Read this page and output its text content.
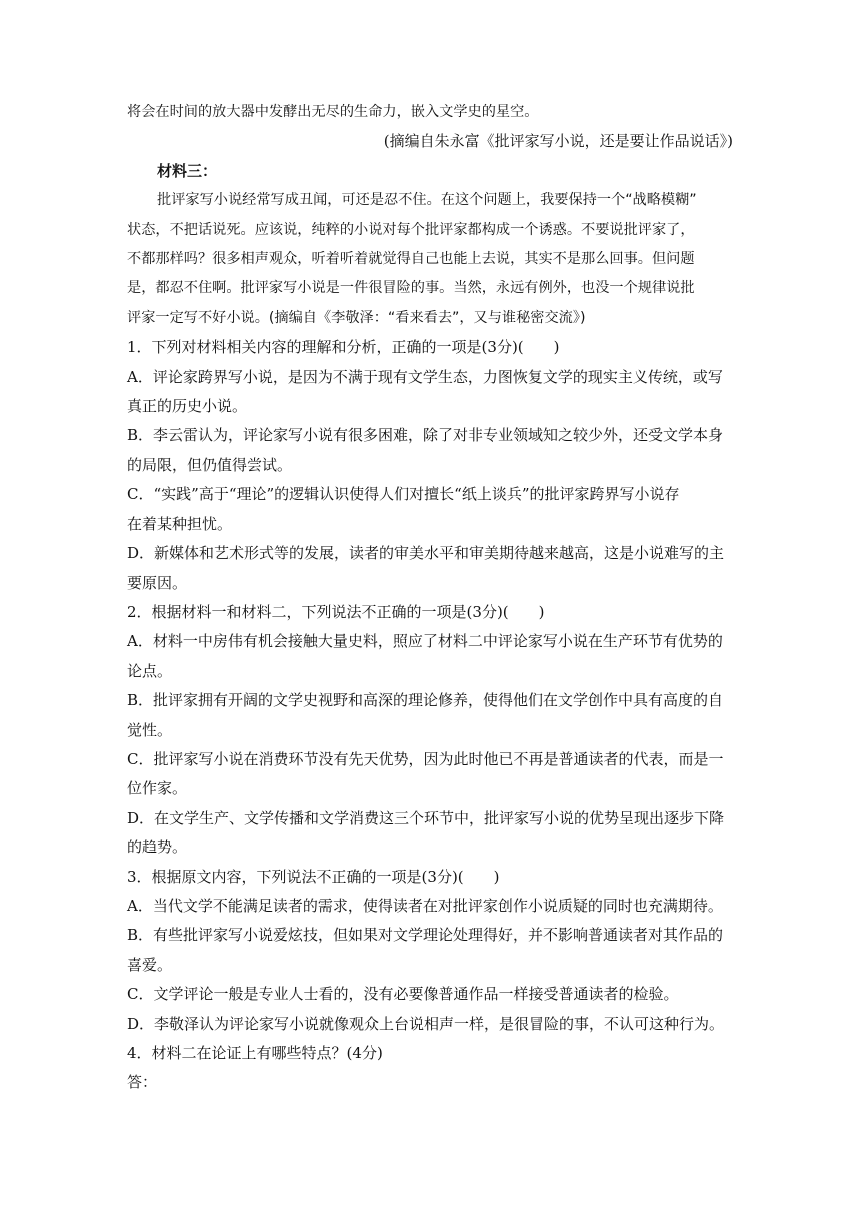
将会在时间的放大器中发酵出无尽的生命力，嵌入文学史的星空。

(摘编自朱永富《批评家写小说，还是要让作品说话》)

材料三：

批评家写小说经常写成丑闻，可还是忍不住。在这个问题上，我要保持一个“战略模糊”

状态，不把话说死。应该说，纯粹的小说对每个批评家都构成一个诱惑。不要说批评家了，

不都那样吗？很多相声观众，听着听着就觉得自己也能上去说，其实不是那么回事。但问题

是，都忍不住啊。批评家写小说是一件很冒险的事。当然，永远有例外，也没一个规律说批

评家一定写不好小说。(摘编自《李敬泽：“看来看去”，又与谁秘密交流》)

1．下列对材料相关内容的理解和分析，正确的一项是(3分)(　　)

A．评论家跨界写小说，是因为不满于现有文学生态，力图恢复文学的现实主义传统，或写

真正的历史小说。

B．李云雷认为，评论家写小说有很多困难，除了对非专业领域知之较少外，还受文学本身

的局限，但仍值得尝试。

C．“实践”高于“理论”的逻辑认识使得人们对擅长“纸上谈兵”的批评家跨界写小说存

在着某种担忧。

D．新媒体和艺术形式等的发展，读者的审美水平和审美期待越来越高，这是小说难写的主

要原因。

2．根据材料一和材料二，下列说法不正确的一项是(3分)(　　)

A．材料一中房伟有机会接触大量史料，照应了材料二中评论家写小说在生产环节有优势的

论点。

B．批评家拥有开阔的文学史视野和高深的理论修养，使得他们在文学创作中具有高度的自

觉性。

C．批评家写小说在消费环节没有先天优势，因为此时他已不再是普通读者的代表，而是一

位作家。

D．在文学生产、文学传播和文学消费这三个环节中，批评家写小说的优势呈现出逐步下降

的趋势。

3．根据原文内容，下列说法不正确的一项是(3分)(　　)

A．当代文学不能满足读者的需求，使得读者在对批评家创作小说质疑的同时也充满期待。

B．有些批评家写小说爱炫技，但如果对文学理论处理得好，并不影响普通读者对其作品的

喜爱。

C．文学评论一般是专业人士看的，没有必要像普通作品一样接受普通读者的检验。

D．李敬泽认为评论家写小说就像观众上台说相声一样，是很冒险的事，不认可这种行为。

4．材料二在论证上有哪些特点？(4分)

答：
